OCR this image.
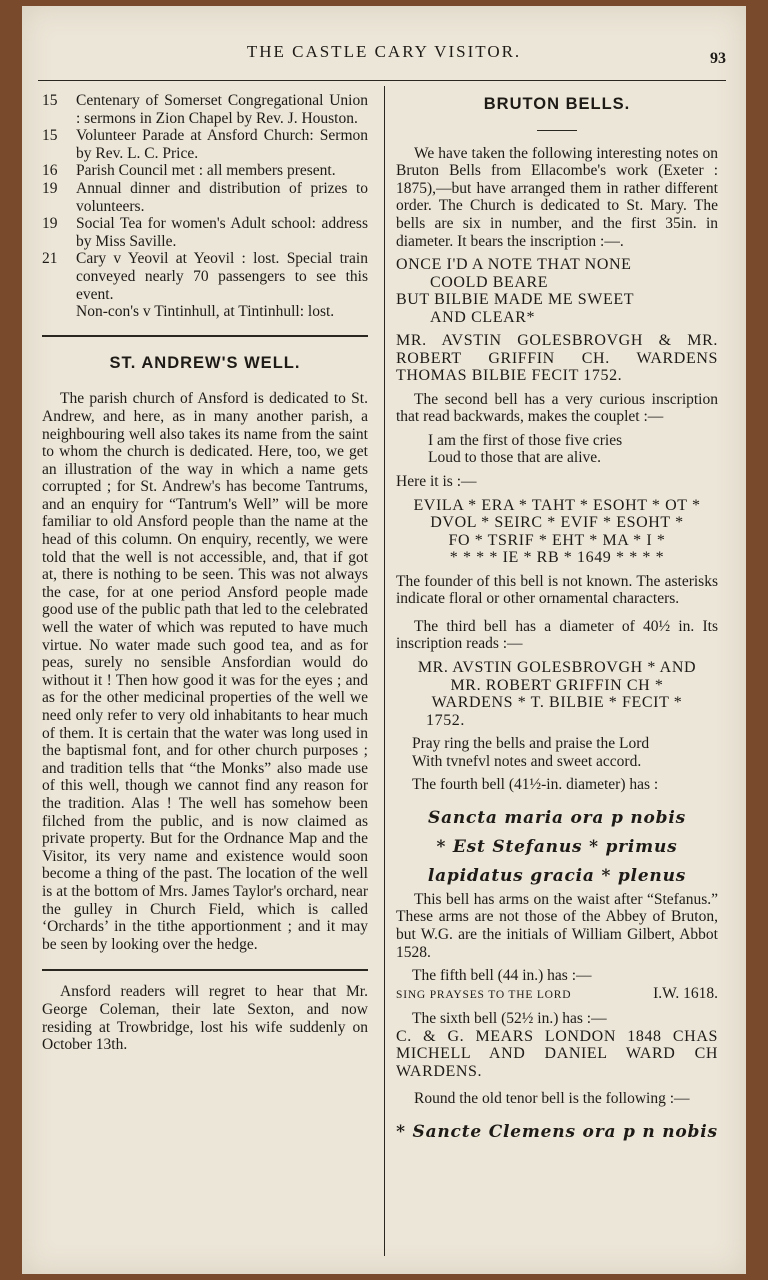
THE CASTLE CARY VISITOR.	93
15	Centenary of Somerset Congregational Union : sermons in Zion Chapel by Rev. J. Houston.
15	Volunteer Parade at Ansford Church: Sermon by Rev. L. C. Price.
16	Parish Council met : all members present.
19	Annual dinner and distribution of prizes to volunteers.
19	Social Tea for women's Adult school: address by Miss Saville.
21	Cary v Yeovil at Yeovil : lost. Special train conveyed nearly 70 passengers to see this event.
Non-con's v Tintinhull, at Tintinhull: lost.
ST. ANDREW'S WELL.

The parish church of Ansford is dedicated to St. Andrew, and here, as in many another parish, a neighbouring well also takes its name from the saint to whom the church is dedicated. Here, too, we get an illustration of the way in which a name gets corrupted ; for St. Andrew's has become Tantrums, and an enquiry for “Tantrum's Well” will be more familiar to old Ansford people than the name at the head of this column. On enquiry, recently, we were told that the well is not accessible, and, that if got at, there is nothing to be seen. This was not always the case, for at one period Ansford people made good use of the public path that led to the celebrated well the water of which was reputed to have much virtue. No water made such good tea, and as for peas, surely no sensible Ansfordian would do without it ! Then how good it was for the eyes ; and as for the other medicinal properties of the well we need only refer to very old inhabitants to hear much of them. It is certain that the water was long used in the baptismal font, and for other church purposes ; and tradition tells that “the Monks” also made use of this well, though we cannot find any reason for the tradition. Alas ! The well has somehow been filched from the public, and is now claimed as private property. But for the Ordnance Map and the Visitor, its very name and existence would soon become a thing of the past. The location of the well is at the bottom of Mrs. James Taylor's orchard, near the gulley in Church Field, which is called ‘Orchards’ in the tithe apportionment ; and it may be seen by looking over the hedge.

Ansford readers will regret to hear that Mr. George Coleman, their late Sexton, and now residing at Trowbridge, lost his wife suddenly on October 13th.

BRUTON BELLS.

We have taken the following interesting notes on Bruton Bells from Ellacombe's work (Exeter : 1875),—but have arranged them in rather different order. The Church is dedicated to St. Mary. The bells are six in number, and the first 35in. in diameter. It bears the inscription :—.

ONCE I'D A NOTE THAT NONE
COOLD BEARE
BUT BILBIE MADE ME SWEET
AND CLEAR*
MR. AVSTIN GOLESBROVGH & MR. ROBERT GRIFFIN CH. WARDENS THOMAS BILBIE FECIT 1752.

The second bell has a very curious inscription that read backwards, makes the couplet :—

I am the first of those five cries
Loud to those that are alive.
Here it is :—
EVILA * ERA * TAHT * ESOHT * OT *
DVOL * SEIRC * EVIF * ESOHT *
FO * TSRIF * EHT * MA * I *
* * * * IE * RB * 1649 * * * *
The founder of this bell is not known. The asterisks indicate floral or other ornamental characters.

The third bell has a diameter of 40½ in. Its inscription reads :—

MR. AVSTIN GOLESBROVGH * AND
MR. ROBERT GRIFFIN CH *
WARDENS * T. BILBIE * FECIT *
1752.
Pray ring the bells and praise the Lord
With tvnefvl notes and sweet accord.
The fourth bell (41½-in. diameter) has :
Sancta maria ora p nobis
* Est Stefanus * primus
lapidatus gracia * plenus

This bell has arms on the waist after “Stefanus.” These arms are not those of the Abbey of Bruton, but W.G. are the initials of William Gilbert, Abbot 1528.

The fifth bell (44 in.) has :—
SING PRAYSES TO THE LORD	I.W. 1618.
The sixth bell (52½ in.) has :—
C. & G. MEARS LONDON 1848 CHAS MICHELL AND DANIEL WARD CH WARDENS.

Round the old tenor bell is the following :—

* Sancte Clemens ora p n nobis
